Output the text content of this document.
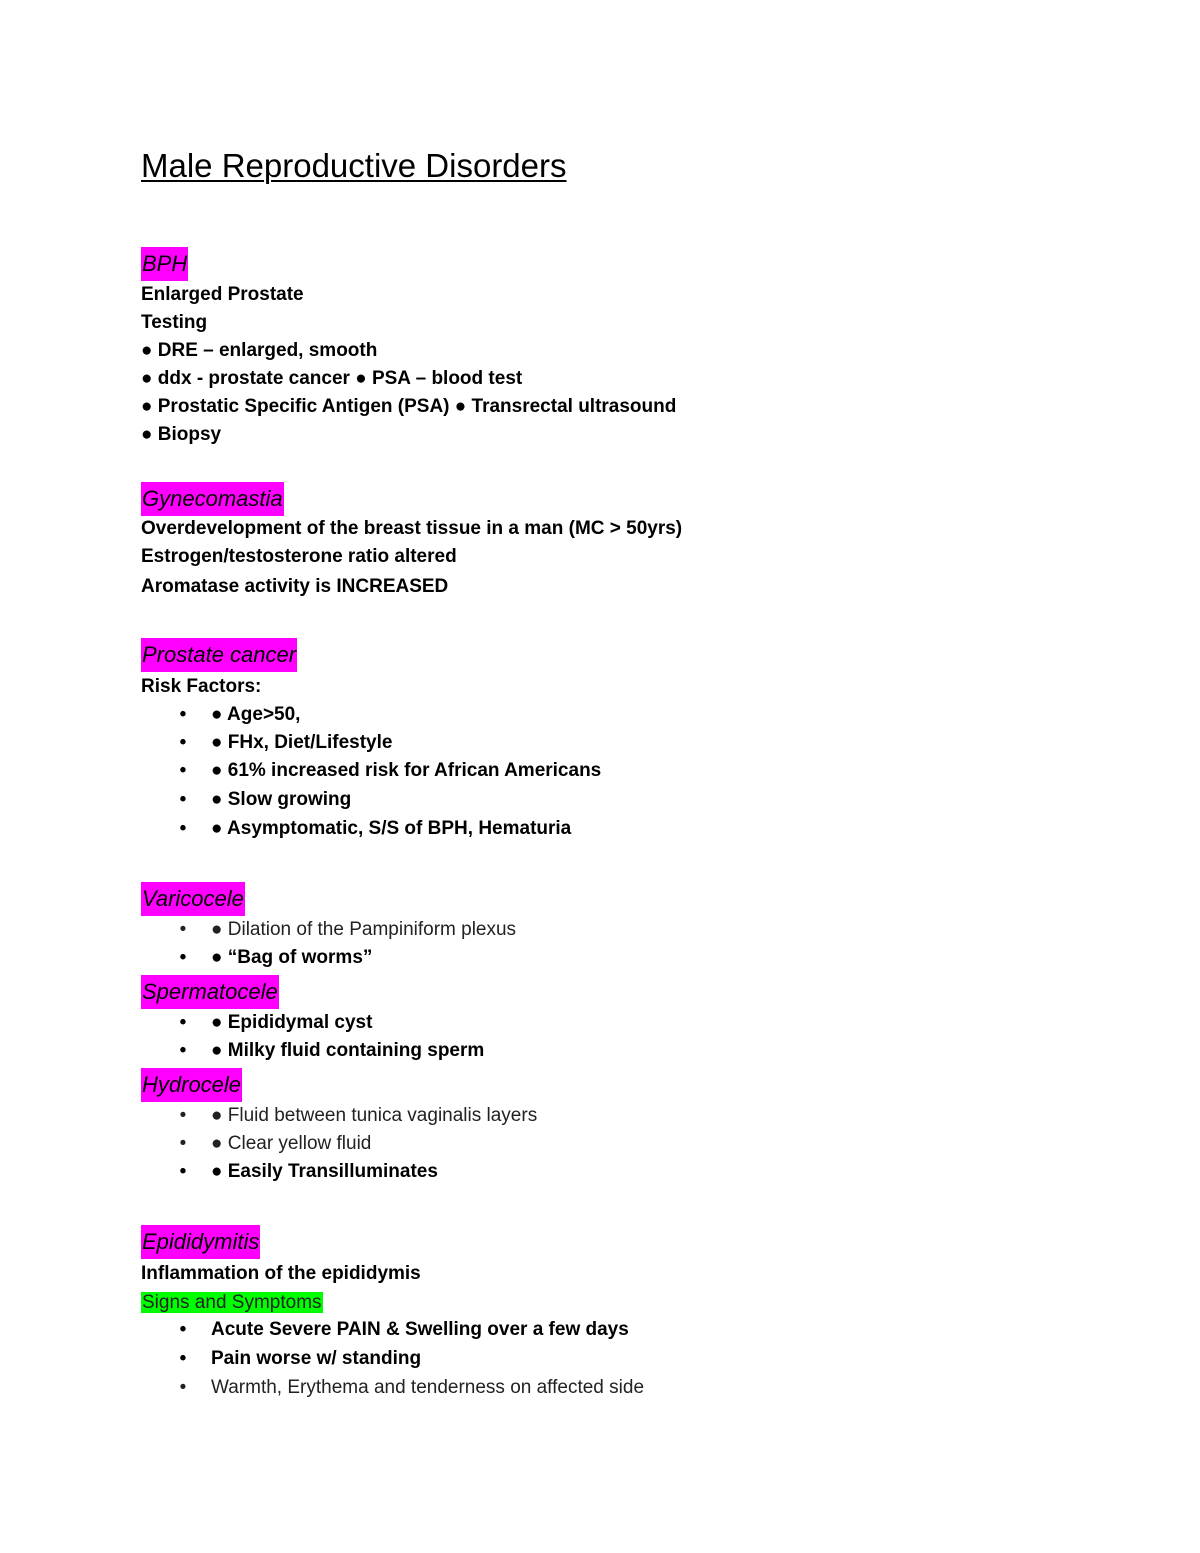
Male Reproductive Disorders
BPH
Enlarged Prostate
Testing
● DRE – enlarged, smooth
● ddx - prostate cancer ● PSA – blood test
● Prostatic Specific Antigen (PSA) ● Transrectal ultrasound
● Biopsy
Gynecomastia
Overdevelopment of the breast tissue in a man (MC > 50yrs)
Estrogen/testosterone ratio altered
Aromatase activity is INCREASED
Prostate cancer
Risk Factors:
• ● Age>50,
• ● FHx, Diet/Lifestyle
• ● 61% increased risk for African Americans
• ● Slow growing
• ● Asymptomatic, S/S of BPH, Hematuria
Varicocele
• ● Dilation of the Pampiniform plexus
• ● “Bag of worms”
Spermatocele
• ● Epididymal cyst
• ● Milky fluid containing sperm
Hydrocele
• ● Fluid between tunica vaginalis layers
• ● Clear yellow fluid
• ● Easily Transilluminates
Epididymitis
Inflammation of the epididymis
Signs and Symptoms
• Acute Severe PAIN & Swelling over a few days
• Pain worse w/ standing
• Warmth, Erythema and tenderness on affected side
